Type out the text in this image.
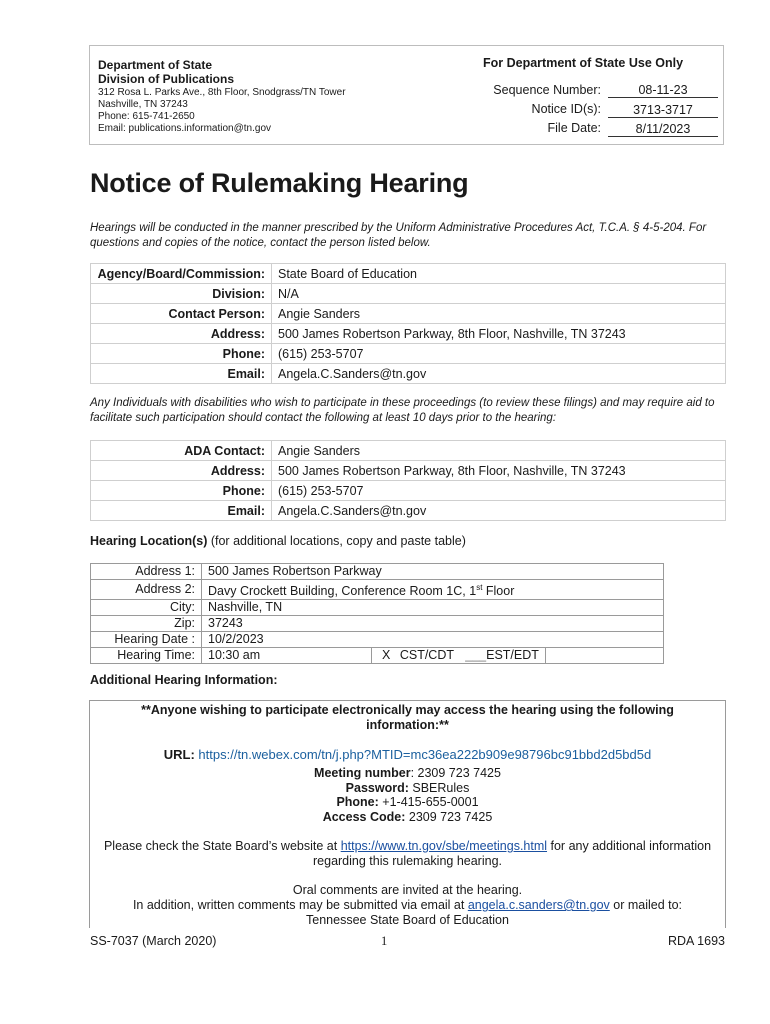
Department of State
Division of Publications
312 Rosa L. Parks Ave., 8th Floor, Snodgrass/TN Tower
Nashville, TN 37243
Phone: 615-741-2650
Email: publications.information@tn.gov
For Department of State Use Only
Sequence Number:	08-11-23
Notice ID(s):	3713-3717
File Date:	8/11/2023
Notice of Rulemaking Hearing
Hearings will be conducted in the manner prescribed by the Uniform Administrative Procedures Act, T.C.A. § 4-5-204. For questions and copies of the notice, contact the person listed below.
Agency/Board/Commission:	State Board of Education
Division:	N/A
Contact Person:	Angie Sanders
Address:	500 James Robertson Parkway, 8th Floor, Nashville, TN 37243
Phone:	(615) 253-5707
Email:	Angela.C.Sanders@tn.gov
Any Individuals with disabilities who wish to participate in these proceedings (to review these filings) and may require aid to facilitate such participation should contact the following at least 10 days prior to the hearing:
ADA Contact:	Angie Sanders
Address:	500 James Robertson Parkway, 8th Floor, Nashville, TN 37243
Phone:	(615) 253-5707
Email:	Angela.C.Sanders@tn.gov
Hearing Location(s) (for additional locations, copy and paste table)
Address 1:	500 James Robertson Parkway		
Address 2:	Davy Crockett Building, Conference Room 1C, 1st Floor		
City:	Nashville, TN		
Zip:	37243		
Hearing Date :	10/2/2023		
Hearing Time:	10:30 am	X CST/CDT ___EST/EDT	
Additional Hearing Information:
**Anyone wishing to participate electronically may access the hearing using the following
information:**
URL: https://tn.webex.com/tn/j.php?MTID=mc36ea222b909e98796bc91bbd2d5bd5d
Meeting number: 2309 723 7425
Password: SBERules
Phone: +1-415-655-0001
Access Code: 2309 723 7425
Please check the State Board’s website at https://www.tn.gov/sbe/meetings.html for any additional information
regarding this rulemaking hearing.
Oral comments are invited at the hearing.
In addition, written comments may be submitted via email at angela.c.sanders@tn.gov or mailed to:
Tennessee State Board of Education
SS-7037 (March 2020)	1	RDA 1693
